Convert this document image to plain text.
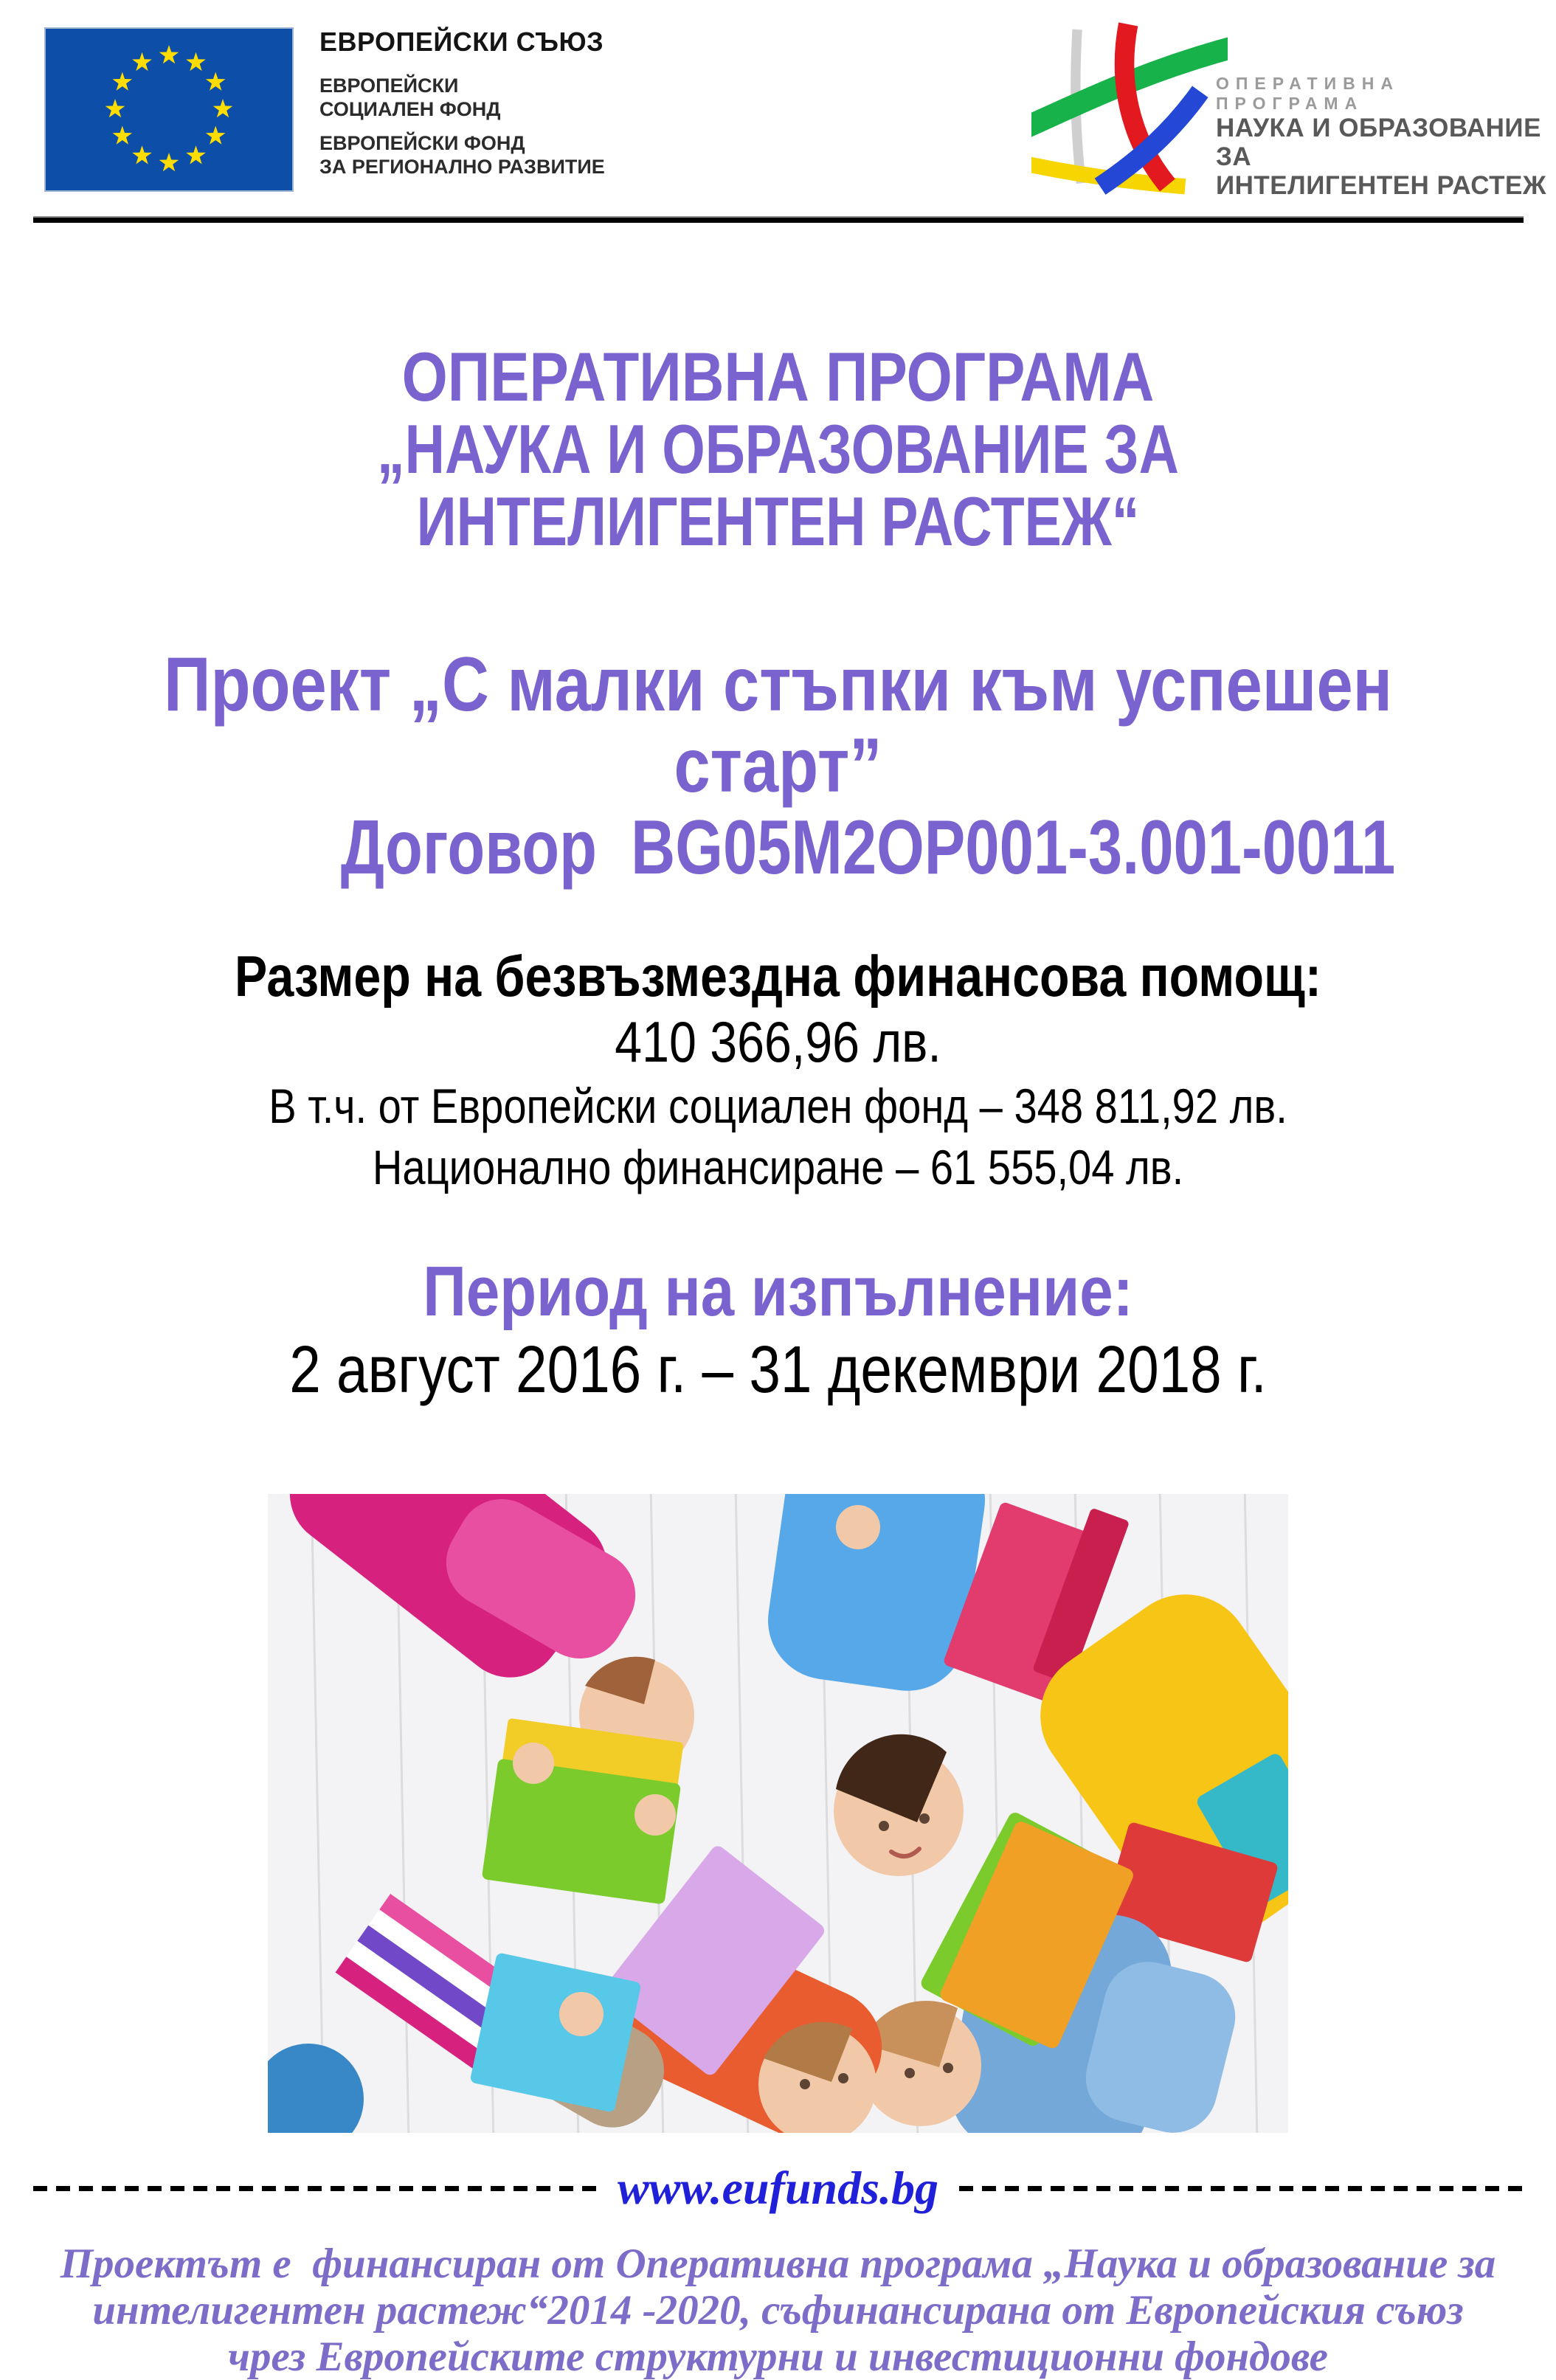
ЕВРОПЕЙСКИ СЪЮЗ
ЕВРОПЕЙСКИ
СОЦИАЛЕН ФОНД
ЕВРОПЕЙСКИ ФОНД
ЗА РЕГИОНАЛНО РАЗВИТИЕ
ОПЕРАТИВНА ПРОГРАМА
НАУКА И ОБРАЗОВАНИЕ ЗА
ИНТЕЛИГЕНТЕН РАСТЕЖ
ОПЕРАТИВНА ПРОГРАМА
„НАУКА И ОБРАЗОВАНИЕ ЗА ИНТЕЛИГЕНТЕН РАСТЕЖ“
Проект „С малки стъпки към успешен старт”
Договор  BG05M2OP001-3.001-0011
Размер на безвъзмездна финансова помощ:
410 366,96 лв.
В т.ч. от Европейски социален фонд – 348 811,92 лв.
Национално финансиране – 61 555,04 лв.
Период на изпълнение:
2 август 2016 г. – 31 декември 2018 г.
www.eufunds.bg
Проектът е  финансиран от Оперативна програма „Наука и образование за
интелигентен растеж“2014 -2020, съфинансирана от Европейския съюз
чрез Европейските структурни и инвестиционни фондове
